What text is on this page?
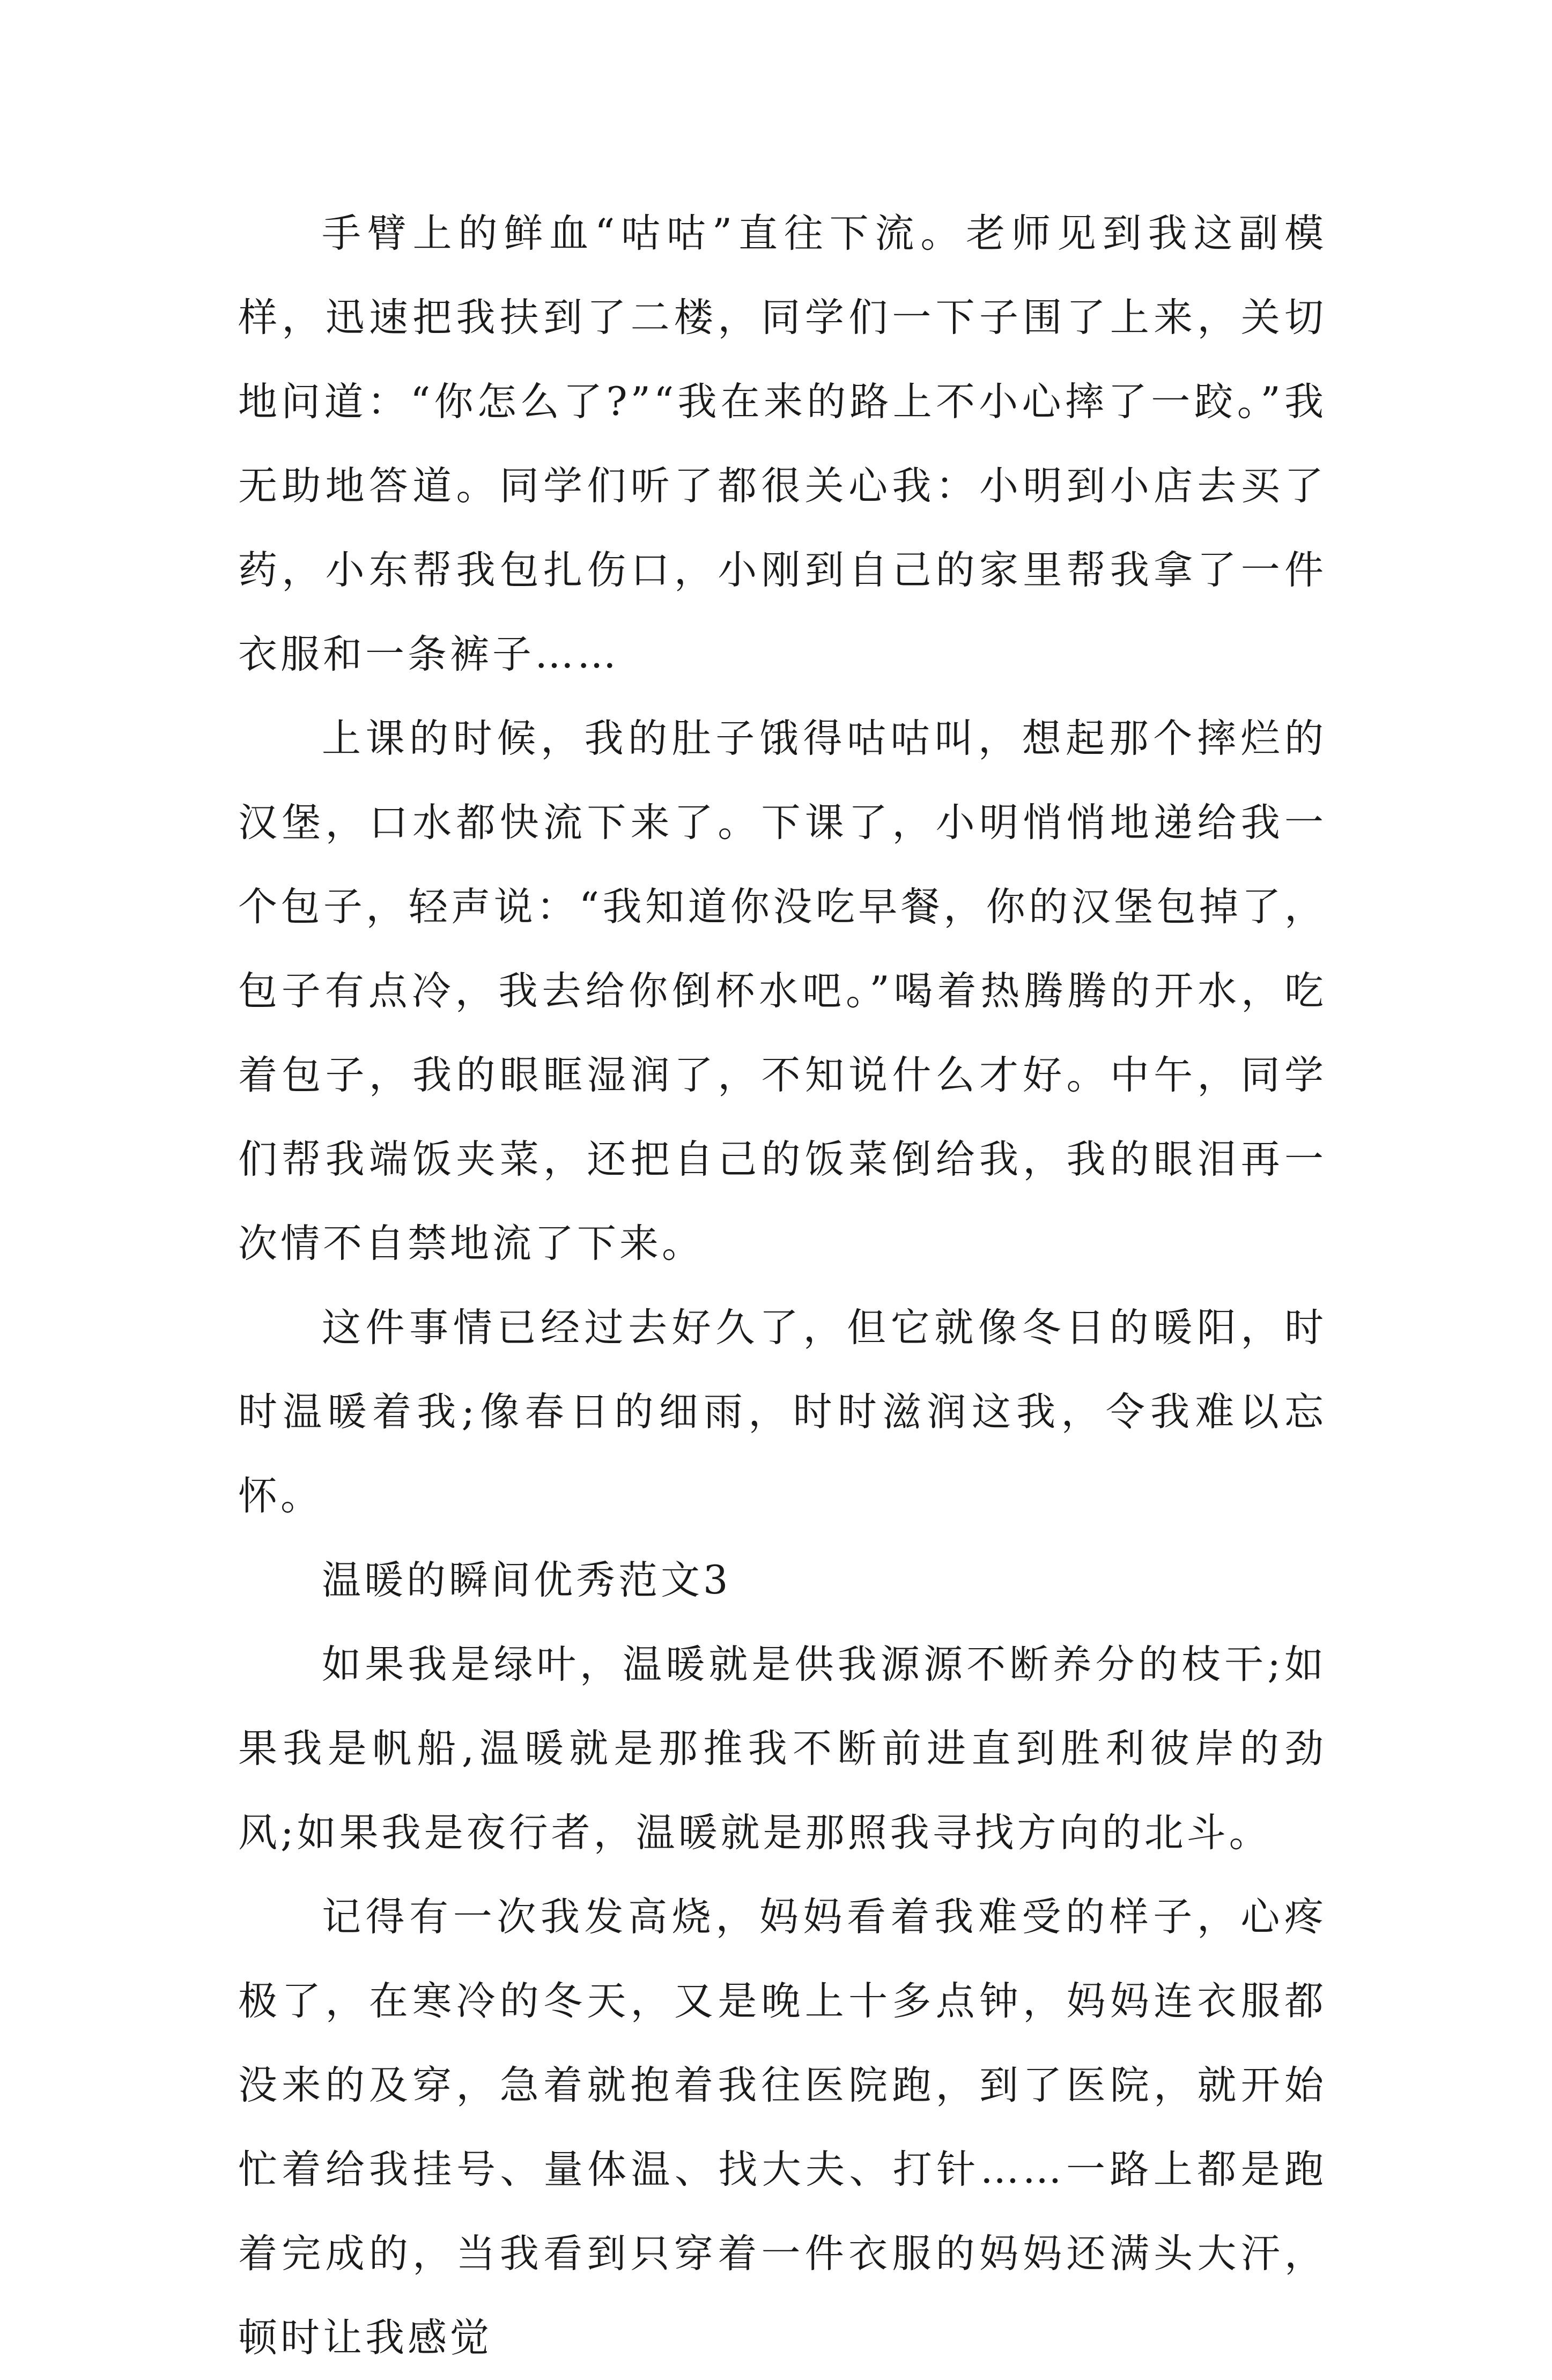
手臂上的鲜血“咕咕”直往下流。老师见到我这副模样，迅速把我扶到了二楼，同学们一下子围了上来，关切地问道：“你怎么了?”“我在来的路上不小心摔了一跤。”我无助地答道。同学们听了都很关心我：小明到小店去买了药，小东帮我包扎伤口，小刚到自己的家里帮我拿了一件衣服和一条裤子……

上课的时候，我的肚子饿得咕咕叫，想起那个摔烂的汉堡，口水都快流下来了。下课了，小明悄悄地递给我一个包子，轻声说：“我知道你没吃早餐，你的汉堡包掉了，包子有点冷，我去给你倒杯水吧。”喝着热腾腾的开水，吃着包子，我的眼眶湿润了，不知说什么才好。中午，同学们帮我端饭夹菜，还把自己的饭菜倒给我，我的眼泪再一次情不自禁地流了下来。

这件事情已经过去好久了，但它就像冬日的暖阳，时时温暖着我;像春日的细雨，时时滋润这我，令我难以忘怀。

温暖的瞬间优秀范文3

如果我是绿叶，温暖就是供我源源不断养分的枝干;如果我是帆船,温暖就是那推我不断前进直到胜利彼岸的劲风;如果我是夜行者，温暖就是那照我寻找方向的北斗。

记得有一次我发高烧，妈妈看着我难受的样子，心疼极了，在寒冷的冬天，又是晚上十多点钟，妈妈连衣服都没来的及穿，急着就抱着我往医院跑，到了医院，就开始忙着给我挂号、量体温、找大夫、打针……一路上都是跑着完成的，当我看到只穿着一件衣服的妈妈还满头大汗，顿时让我感觉
